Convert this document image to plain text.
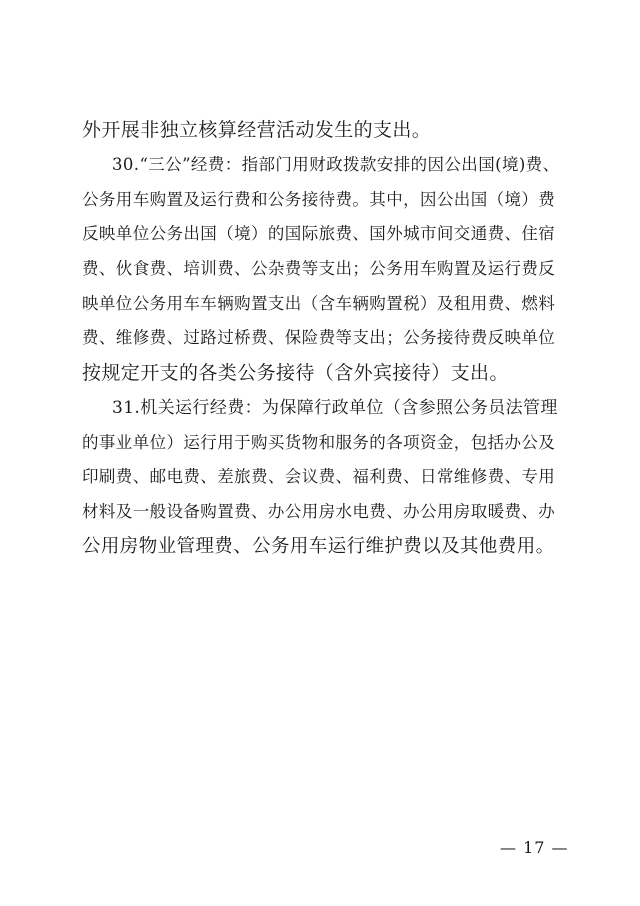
外开展非独立核算经营活动发生的支出。
30.“三公”经费：指部门用财政拨款安排的因公出国(境)费、
公务用车购置及运行费和公务接待费。其中，因公出国（境）费
反映单位公务出国（境）的国际旅费、国外城市间交通费、住宿
费、伙食费、培训费、公杂费等支出；公务用车购置及运行费反
映单位公务用车车辆购置支出（含车辆购置税）及租用费、燃料
费、维修费、过路过桥费、保险费等支出；公务接待费反映单位
按规定开支的各类公务接待（含外宾接待）支出。
31.机关运行经费：为保障行政单位（含参照公务员法管理
的事业单位）运行用于购买货物和服务的各项资金，包括办公及
印刷费、邮电费、差旅费、会议费、福利费、日常维修费、专用
材料及一般设备购置费、办公用房水电费、办公用房取暖费、办
公用房物业管理费、公务用车运行维护费以及其他费用。
— 17 —
